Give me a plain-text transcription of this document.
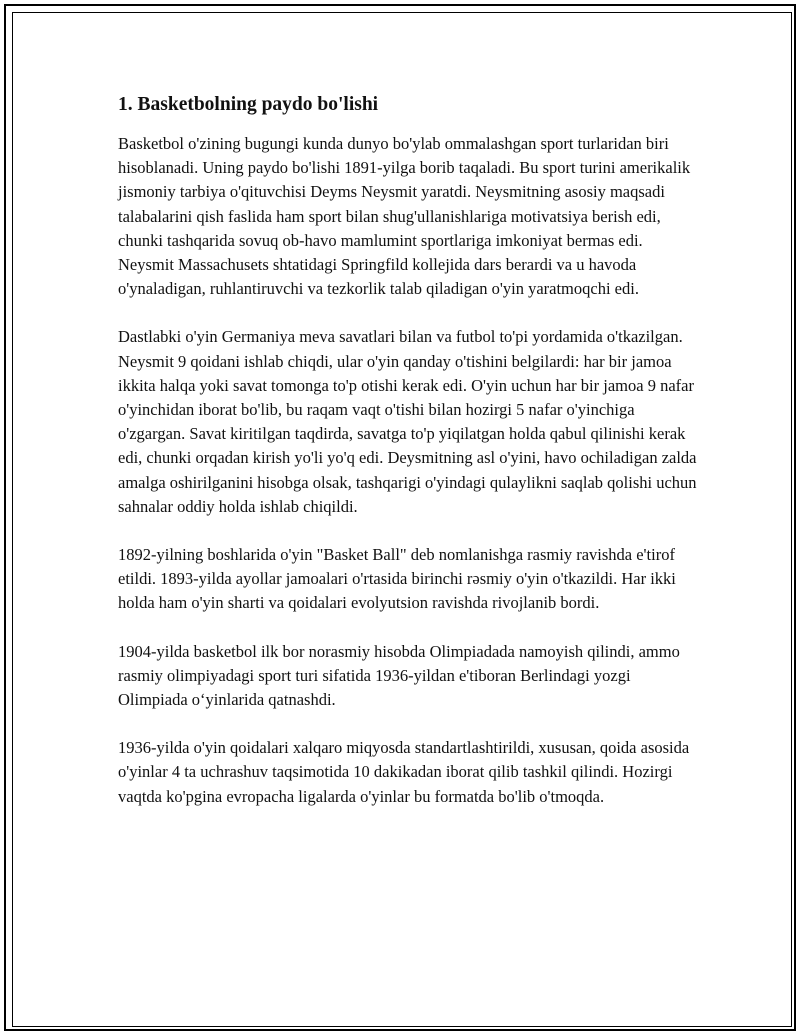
1. Basketbolning paydo bo'lishi

Basketbol o'zining bugungi kunda dunyo bo'ylab ommalashgan sport turlaridan biri hisoblanadi. Uning paydo bo'lishi 1891-yilga borib taqaladi. Bu sport turini amerikalik jismoniy tarbiya o'qituvchisi Deyms Neysmit yaratdi. Neysmitning asosiy maqsadi talabalarini qish faslida ham sport bilan shug'ullanishlariga motivatsiya berish edi, chunki tashqarida sovuq ob-havo mamlumint sportlariga imkoniyat bermas edi. Neysmit Massachusets shtatidagi Springfild kollejida dars berardi va u havoda o'ynaladigan, ruhlantiruvchi va tezkorlik talab qiladigan o'yin yaratmoqchi edi.

Dastlabki o'yin Germaniya meva savatlari bilan va futbol to'pi yordamida o'tkazilgan. Neysmit 9 qoidani ishlab chiqdi, ular o'yin qanday o'tishini belgilardi: har bir jamoa ikkita halqa yoki savat tomonga to'p otishi kerak edi. O'yin uchun har bir jamoa 9 nafar o'yinchidan iborat bo'lib, bu raqam vaqt o'tishi bilan hozirgi 5 nafar o'yinchiga o'zgargan. Savat kiritilgan taqdirda, savatga to'p yiqilatgan holda qabul qilinishi kerak edi, chunki orqadan kirish yo'li yo'q edi. Deysmitning asl o'yini, havo ochiladigan zalda amalga oshirilganini hisobga olsak, tashqarigi o'yindagi qulaylikni saqlab qolishi uchun sahnalar oddiy holda ishlab chiqildi.

1892-yilning boshlarida o'yin "Basket Ball" deb nomlanishga rasmiy ravishda e'tirof etildi. 1893-yilda ayollar jamoalari o'rtasida birinchi rəsmiy o'yin o'tkazildi. Har ikki holda ham o'yin sharti va qoidalari evolyutsion ravishda rivojlanib bordi.

1904-yilda basketbol ilk bor norasmiy hisobda Olimpiadada namoyish qilindi, ammo rasmiy olimpiyadagi sport turi sifatida 1936-yildan e'tiboran Berlindagi yozgi Olimpiada o‘yinlarida qatnashdi.

1936-yilda o'yin qoidalari xalqaro miqyosda standartlashtirildi, xususan, qoida asosida o'yinlar 4 ta uchrashuv taqsimotida 10 dakikadan iborat qilib tashkil qilindi. Hozirgi vaqtda ko'pgina evropacha ligalarda o'yinlar bu formatda bo'lib o'tmoqda.
